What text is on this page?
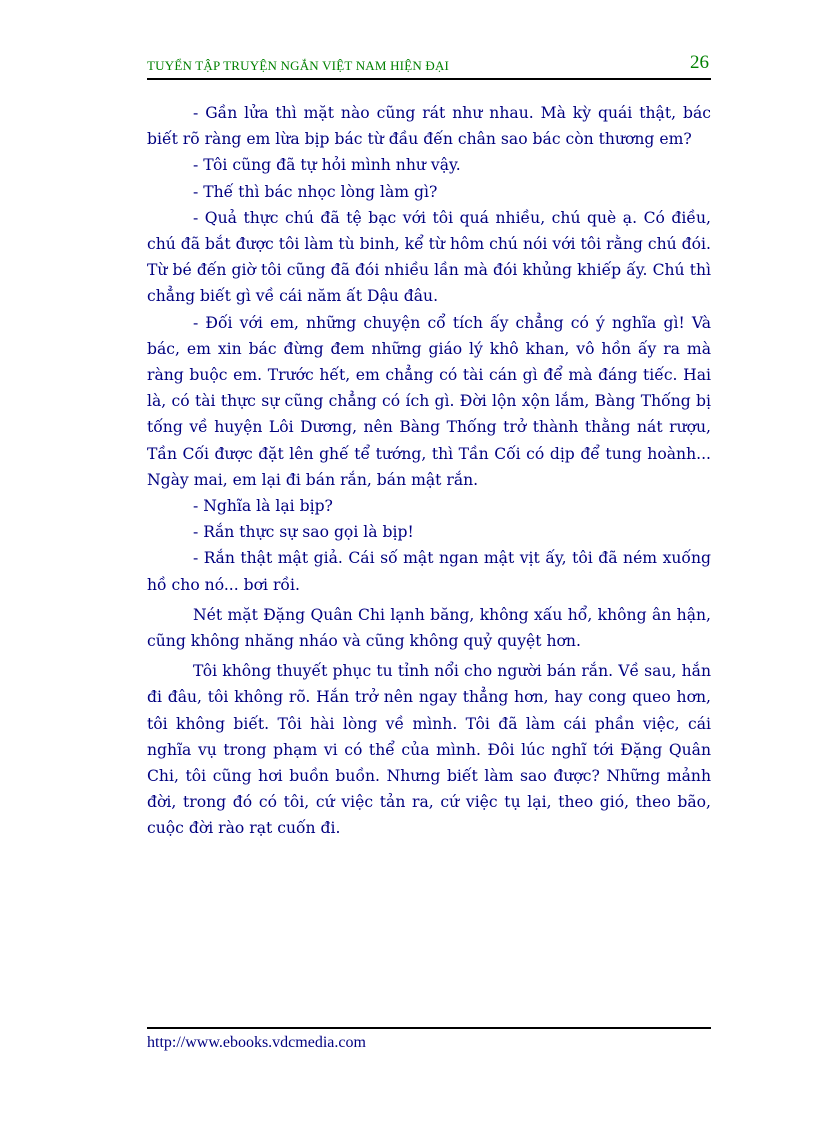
TUYỂN TẬP TRUYỆN NGẮN VIỆT NAM HIỆN ĐẠI	26

- Gần lửa thì mặt nào cũng rát như nhau. Mà kỳ quái thật, bác biết rõ ràng em lừa bịp bác từ đầu đến chân sao bác còn thương em?

- Tôi cũng đã tự hỏi mình như vậy.

- Thế thì bác nhọc lòng làm gì?

- Quả thực chú đã tệ bạc với tôi quá nhiều, chú què ạ. Có điều, chú đã bắt được tôi làm tù binh, kể từ hôm chú nói với tôi rằng chú đói. Từ bé đến giờ tôi cũng đã đói nhiều lần mà đói khủng khiếp ấy. Chú thì chẳng biết gì về cái năm ất Dậu đâu.

- Đối với em, những chuyện cổ tích ấy chẳng có ý nghĩa gì! Và bác, em xin bác đừng đem những giáo lý khô khan, vô hồn ấy ra mà ràng buộc em. Trước hết, em chẳng có tài cán gì để mà đáng tiếc. Hai là, có tài thực sự cũng chẳng có ích gì. Đời lộn xộn lắm, Bàng Thống bị tống về huyện Lôi Dương, nên Bàng Thống trở thành thằng nát rượu, Tần Cối được đặt lên ghế tể tướng, thì Tần Cối có dịp để tung hoành... Ngày mai, em lại đi bán rắn, bán mật rắn.

- Nghĩa là lại bịp?

- Rắn thực sự sao gọi là bịp!

- Rắn thật mật giả. Cái số mật ngan mật vịt ấy, tôi đã ném xuống hồ cho nó... bơi rồi.

Nét mặt Đặng Quân Chi lạnh băng, không xấu hổ, không ân hận, cũng không nhăng nháo và cũng không quỷ quyệt hơn.

Tôi không thuyết phục tu tỉnh nổi cho người bán rắn. Về sau, hắn đi đâu, tôi không rõ. Hắn trở nên ngay thẳng hơn, hay cong queo hơn, tôi không biết. Tôi hài lòng về mình. Tôi đã làm cái phần việc, cái nghĩa vụ trong phạm vi có thể của mình. Đôi lúc nghĩ tới Đặng Quân Chi, tôi cũng hơi buồn buồn. Nhưng biết làm sao được? Những mảnh đời, trong đó có tôi, cứ việc tản ra, cứ việc tụ lại, theo gió, theo bão, cuộc đời rào rạt cuốn đi.

http://www.ebooks.vdcmedia.com
